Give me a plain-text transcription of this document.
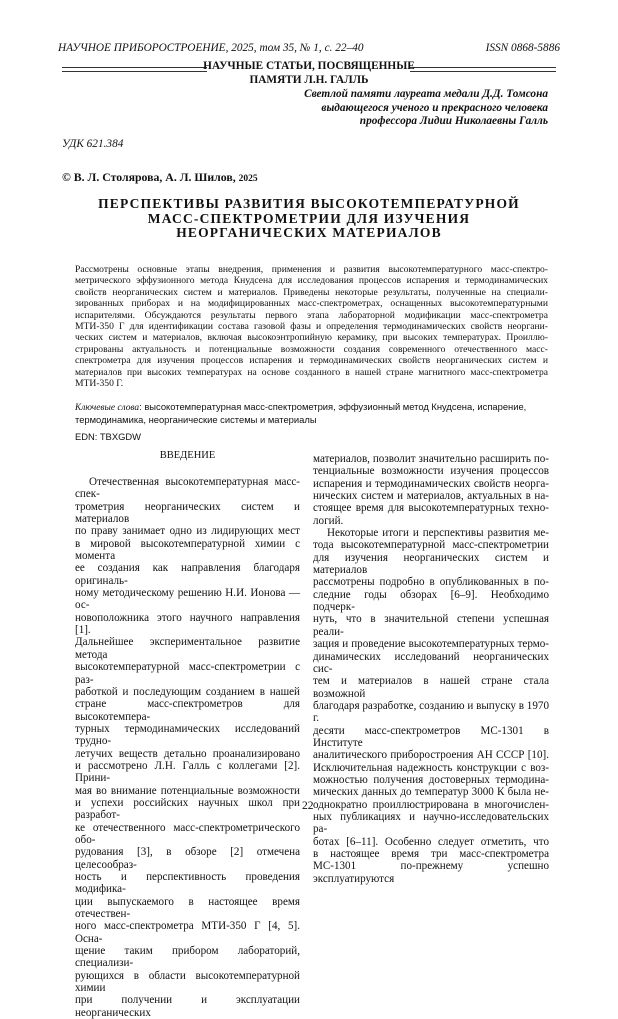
НАУЧНОЕ ПРИБОРОСТРОЕНИЕ, 2025, том 35, № 1, с. 22–40	ISSN 0868-5886
НАУЧНЫЕ СТАТЬИ, ПОСВЯЩЕННЫЕ
ПАМЯТИ Л.Н. ГАЛЛЬ
Светлой памяти лауреата медали Д.Д. Томсона
выдающегося ученого и прекрасного человека
профессора Лидии Николаевны Галль
УДК 621.384
© В. Л. Столярова, А. Л. Шилов, 2025
ПЕРСПЕКТИВЫ РАЗВИТИЯ ВЫСОКОТЕМПЕРАТУРНОЙ
МАСС-СПЕКТРОМЕТРИИ ДЛЯ ИЗУЧЕНИЯ
НЕОРГАНИЧЕСКИХ МАТЕРИАЛОВ
Рассмотрены основные этапы внедрения, применения и развития высокотемпературного масс-спектро-
метрического эффузионного метода Кнудсена для исследования процессов испарения и термодинамических
свойств неорганических систем и материалов. Приведены некоторые результаты, полученные на специали-
зированных приборах и на модифицированных масс-спектрометрах, оснащенных высокотемпературными
испарителями. Обсуждаются результаты первого этапа лабораторной модификации масс-спектрометра
МТИ-350 Г для идентификации состава газовой фазы и определения термодинамических свойств неоргани-
ческих систем и материалов, включая высокоэнтропийную керамику, при высоких температурах. Проиллю-
стрированы актуальность и потенциальные возможности создания современного отечественного масс-
спектрометра для изучения процессов испарения и термодинамических свойств неорганических систем и
материалов при высоких температурах на основе созданного в нашей стране магнитного масс-спектрометра
МТИ-350 Г.
Ключевые слова: высокотемпературная масс-спектрометрия, эффузионный метод Кнудсена, испарение, термодинамика, неорганические системы и материалы
EDN: TBXGDW
ВВЕДЕНИЕ
Отечественная высокотемпературная масс-спек-
трометрия неорганических систем и материалов
по праву занимает одно из лидирующих мест
в мировой высокотемпературной химии с момента
ее создания как направления благодаря оригиналь-
ному методическому решению Н.И. Ионова — ос-
новоположника этого научного направления [1].
Дальнейшее экспериментальное развитие метода
высокотемпературной масс-спектрометрии с раз-
работкой и последующим созданием в нашей
стране масс-спектрометров для высокотемпера-
турных термодинамических исследований трудно-
летучих веществ детально проанализировано
и рассмотрено Л.Н. Галль с коллегами [2]. Прини-
мая во внимание потенциальные возможности
и успехи российских научных школ при разработ-
ке отечественного масс-спектрометрического обо-
рудования [3], в обзоре [2] отмечена целесообраз-
ность и перспективность проведения модифика-
ции выпускаемого в настоящее время отечествен-
ного масс-спектрометра МТИ-350 Г [4, 5]. Осна-
щение таким прибором лабораторий, специализи-
рующихся в области высокотемпературной химии
при получении и эксплуатации неорганических
материалов, позволит значительно расширить по-
тенциальные возможности изучения процессов
испарения и термодинамических свойств неорга-
нических систем и материалов, актуальных в на-
стоящее время для высокотемпературных техно-
логий.
Некоторые итоги и перспективы развития ме-
тода высокотемпературной масс-спектрометрии
для изучения неорганических систем и материалов
рассмотрены подробно в опубликованных в по-
следние годы обзорах [6–9]. Необходимо подчерк-
нуть, что в значительной степени успешная реали-
зация и проведение высокотемпературных термо-
динамических исследований неорганических сис-
тем и материалов в нашей стране стала возможной
благодаря разработке, созданию и выпуску в 1970 г.
десяти масс-спектрометров МС-1301 в Институте
аналитического приборостроения АН СССР [10].
Исключительная надежность конструкции с воз-
можностью получения достоверных термодина-
мических данных до температур 3000 К была не-
однократно проиллюстрирована в многочислен-
ных публикациях и научно-исследовательских ра-
ботах [6–11]. Особенно следует отметить, что
в настоящее время три масс-спектрометра
МС-1301 по-прежнему успешно эксплуатируются
22
